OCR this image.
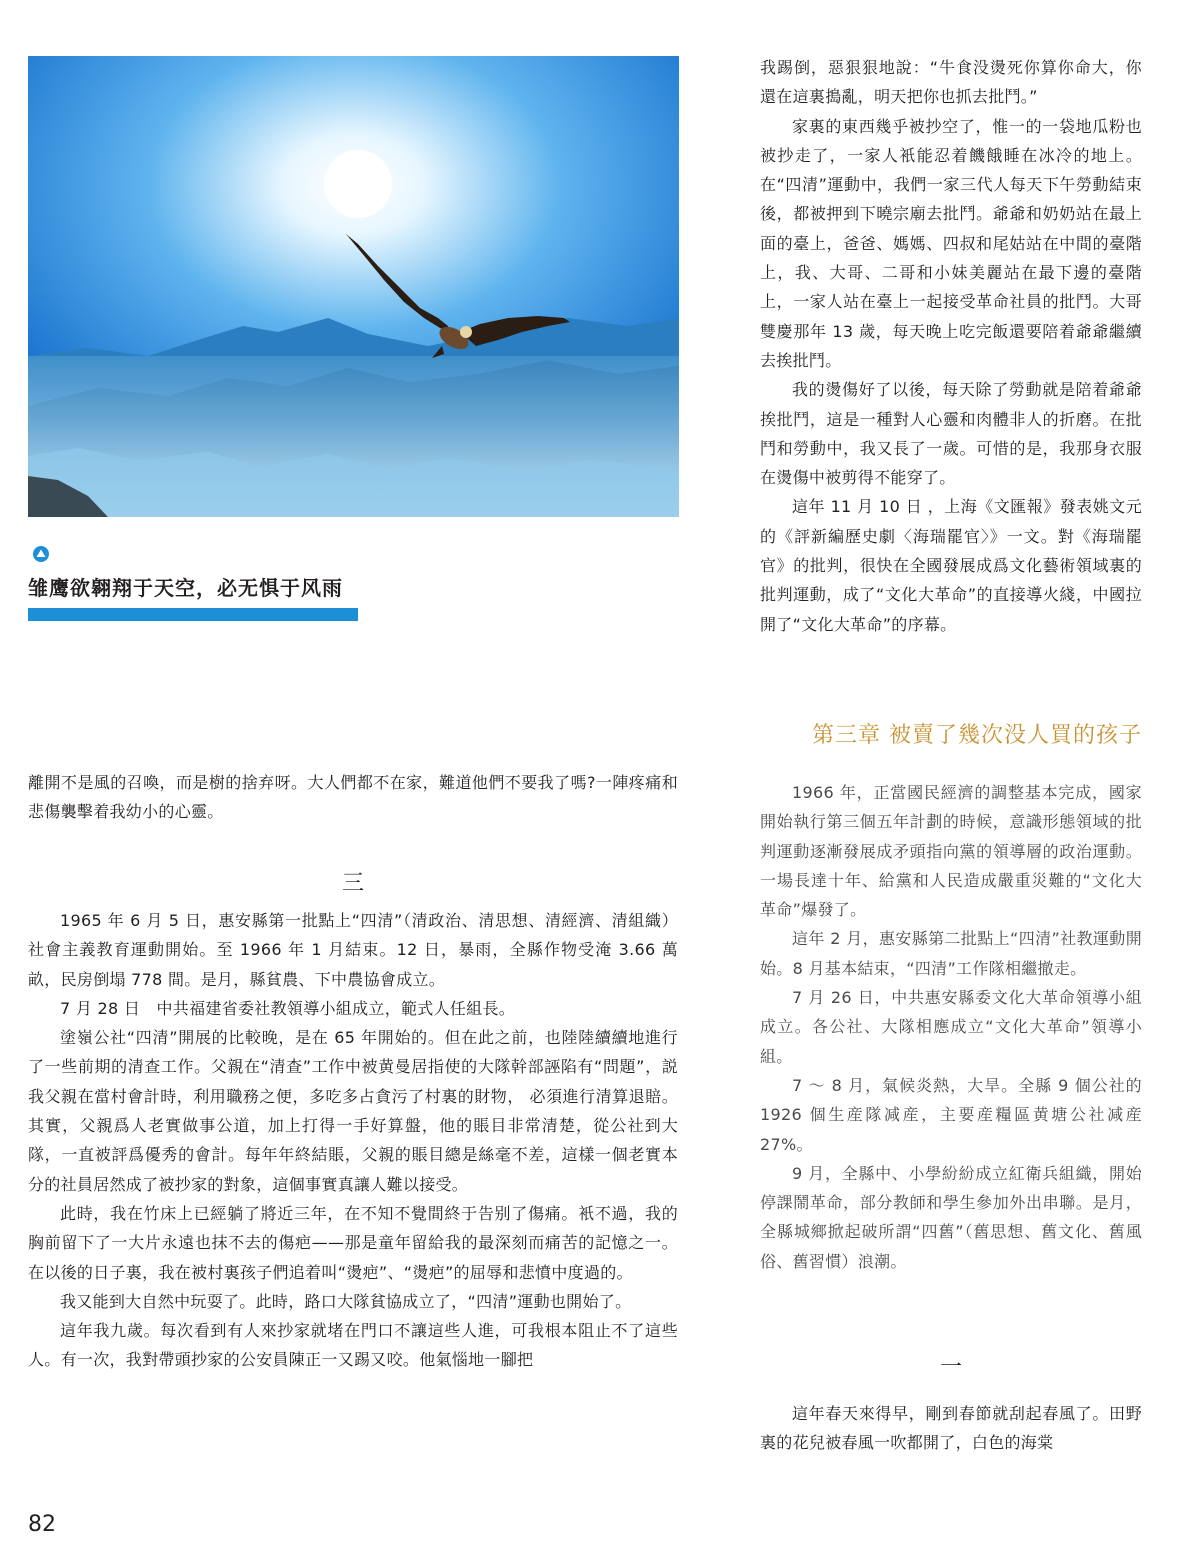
雏鹰欲翱翔于天空，必无惧于风雨

我踢倒，惡狠狠地說：“牛食没燙死你算你命大，你還在這裏搗亂，明天把你也抓去批鬥。”

家裏的東西幾乎被抄空了，惟一的一袋地瓜粉也被抄走了，一家人衹能忍着饑餓睡在冰冷的地上。在“四清”運動中，我們一家三代人每天下午勞動結束後，都被押到下曉宗廟去批鬥。爺爺和奶奶站在最上面的臺上，爸爸、媽媽、四叔和尾姑站在中間的臺階上，我、大哥、二哥和小妹美麗站在最下邊的臺階上，一家人站在臺上一起接受革命社員的批鬥。大哥雙慶那年 13 歲，每天晚上吃完飯還要陪着爺爺繼續去挨批鬥。

我的燙傷好了以後，每天除了勞動就是陪着爺爺挨批鬥，這是一種對人心靈和肉體非人的折磨。在批鬥和勞動中，我又長了一歲。可惜的是，我那身衣服在燙傷中被剪得不能穿了。

這年 11 月 10 日 ，上海《文匯報》發表姚文元的《評新編歷史劇〈海瑞罷官〉》一文。對《海瑞罷官》的批判，很快在全國發展成爲文化藝術領域裏的批判運動，成了“文化大革命”的直接導火綫，中國拉開了“文化大革命”的序幕。

第三章 被賣了幾次没人買的孩子

1966 年，正當國民經濟的調整基本完成，國家開始執行第三個五年計劃的時候，意識形態領域的批判運動逐漸發展成矛頭指向黨的領導層的政治運動。一場長達十年、給黨和人民造成嚴重災難的“文化大革命”爆發了。

這年 2 月，惠安縣第二批點上“四清”社教運動開始。8 月基本結束，“四清”工作隊相繼撤走。

7 月 26 日，中共惠安縣委文化大革命領導小組成立。各公社、大隊相應成立“文化大革命”領導小組。

7 ～ 8 月，氣候炎熱，大旱。全縣 9 個公社的 1926 個生産隊减産，主要産糧區黄塘公社减産 27%。

9 月，全縣中、小學紛紛成立紅衛兵組織，開始停課鬧革命，部分教師和學生參加外出串聯。是月，全縣城鄉掀起破所謂“四舊”（舊思想、舊文化、舊風俗、舊習慣）浪潮。

一

這年春天來得早，剛到春節就刮起春風了。田野裏的花兒被春風一吹都開了，白色的海棠

離開不是風的召喚，而是樹的捨弃呀。大人們都不在家，難道他們不要我了嗎?一陣疼痛和悲傷襲擊着我幼小的心靈。

三

1965 年 6 月 5 日，惠安縣第一批點上“四清”（清政治、清思想、清經濟、清組織）社會主義教育運動開始。至 1966 年 1 月結束。12 日，暴雨，全縣作物受淹 3.66 萬畝，民房倒塌 778 間。是月，縣貧農、下中農協會成立。

7 月 28 日　中共福建省委社教領導小組成立，範式人任組長。

塗嶺公社“四清”開展的比較晚，是在 65 年開始的。但在此之前，也陸陸續續地進行了一些前期的清查工作。父親在“清查”工作中被黄曼居指使的大隊幹部誣陷有“問題”，説我父親在當村會計時，利用職務之便，多吃多占貪污了村裏的財物， 必須進行清算退賠。其實，父親爲人老實做事公道，加上打得一手好算盤，他的賬目非常清楚，從公社到大隊，一直被評爲優秀的會計。每年年終結賬，父親的賬目總是絲毫不差，這樣一個老實本分的社員居然成了被抄家的對象，這個事實真讓人難以接受。

此時，我在竹床上已經躺了將近三年，在不知不覺間終于告别了傷痛。衹不過，我的胸前留下了一大片永遠也抹不去的傷疤——那是童年留給我的最深刻而痛苦的記憶之一。在以後的日子裏，我在被村裏孩子們追着叫“燙疤”、“燙疤”的屈辱和悲憤中度過的。

我又能到大自然中玩耍了。此時，路口大隊貧協成立了，“四清”運動也開始了。

這年我九歲。每次看到有人來抄家就堵在門口不讓這些人進，可我根本阻止不了這些人。有一次，我對帶頭抄家的公安員陳正一又踢又咬。他氣惱地一腳把

82
